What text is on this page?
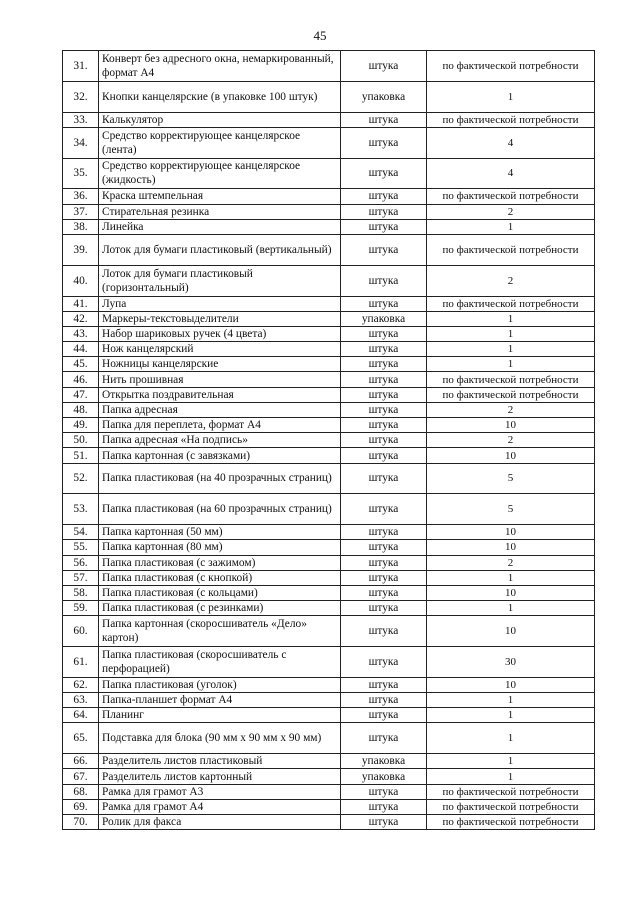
45
31.	Конверт без адресного окна, немаркированный, формат А4	штука	по фактической потребности
32.	Кнопки канцелярские (в упаковке 100 штук)	упаковка	1
33.	Калькулятор	штука	по фактической потребности
34.	Средство корректирующее канцелярское (лента)	штука	4
35.	Средство корректирующее канцелярское (жидкость)	штука	4
36.	Краска штемпельная	штука	по фактической потребности
37.	Стирательная резинка	штука	2
38.	Линейка	штука	1
39.	Лоток для бумаги пластиковый (вертикальный)	штука	по фактической потребности
40.	Лоток для бумаги пластиковый (горизонтальный)	штука	2
41.	Лупа	штука	по фактической потребности
42.	Маркеры-текстовыделители	упаковка	1
43.	Набор шариковых ручек (4 цвета)	штука	1
44.	Нож канцелярский	штука	1
45.	Ножницы канцелярские	штука	1
46.	Нить прошивная	штука	по фактической потребности
47.	Открытка поздравительная	штука	по фактической потребности
48.	Папка адресная	штука	2
49.	Папка для переплета, формат А4	штука	10
50.	Папка адресная «На подпись»	штука	2
51.	Папка картонная (с завязками)	штука	10
52.	Папка пластиковая (на 40 прозрачных страниц)	штука	5
53.	Папка пластиковая (на 60 прозрачных страниц)	штука	5
54.	Папка картонная (50 мм)	штука	10
55.	Папка картонная (80 мм)	штука	10
56.	Папка пластиковая (с зажимом)	штука	2
57.	Папка пластиковая (с кнопкой)	штука	1
58.	Папка пластиковая (с кольцами)	штука	10
59.	Папка пластиковая (с резинками)	штука	1
60.	Папка картонная (скоросшиватель «Дело» картон)	штука	10
61.	Папка пластиковая (скоросшиватель с перфорацией)	штука	30
62.	Папка пластиковая (уголок)	штука	10
63.	Папка-планшет формат А4	штука	1
64.	Планинг	штука	1
65.	Подставка для блока (90 мм х 90 мм х 90 мм)	штука	1
66.	Разделитель листов пластиковый	упаковка	1
67.	Разделитель листов картонный	упаковка	1
68.	Рамка для грамот А3	штука	по фактической потребности
69.	Рамка для грамот А4	штука	по фактической потребности
70.	Ролик для факса	штука	по фактической потребности
